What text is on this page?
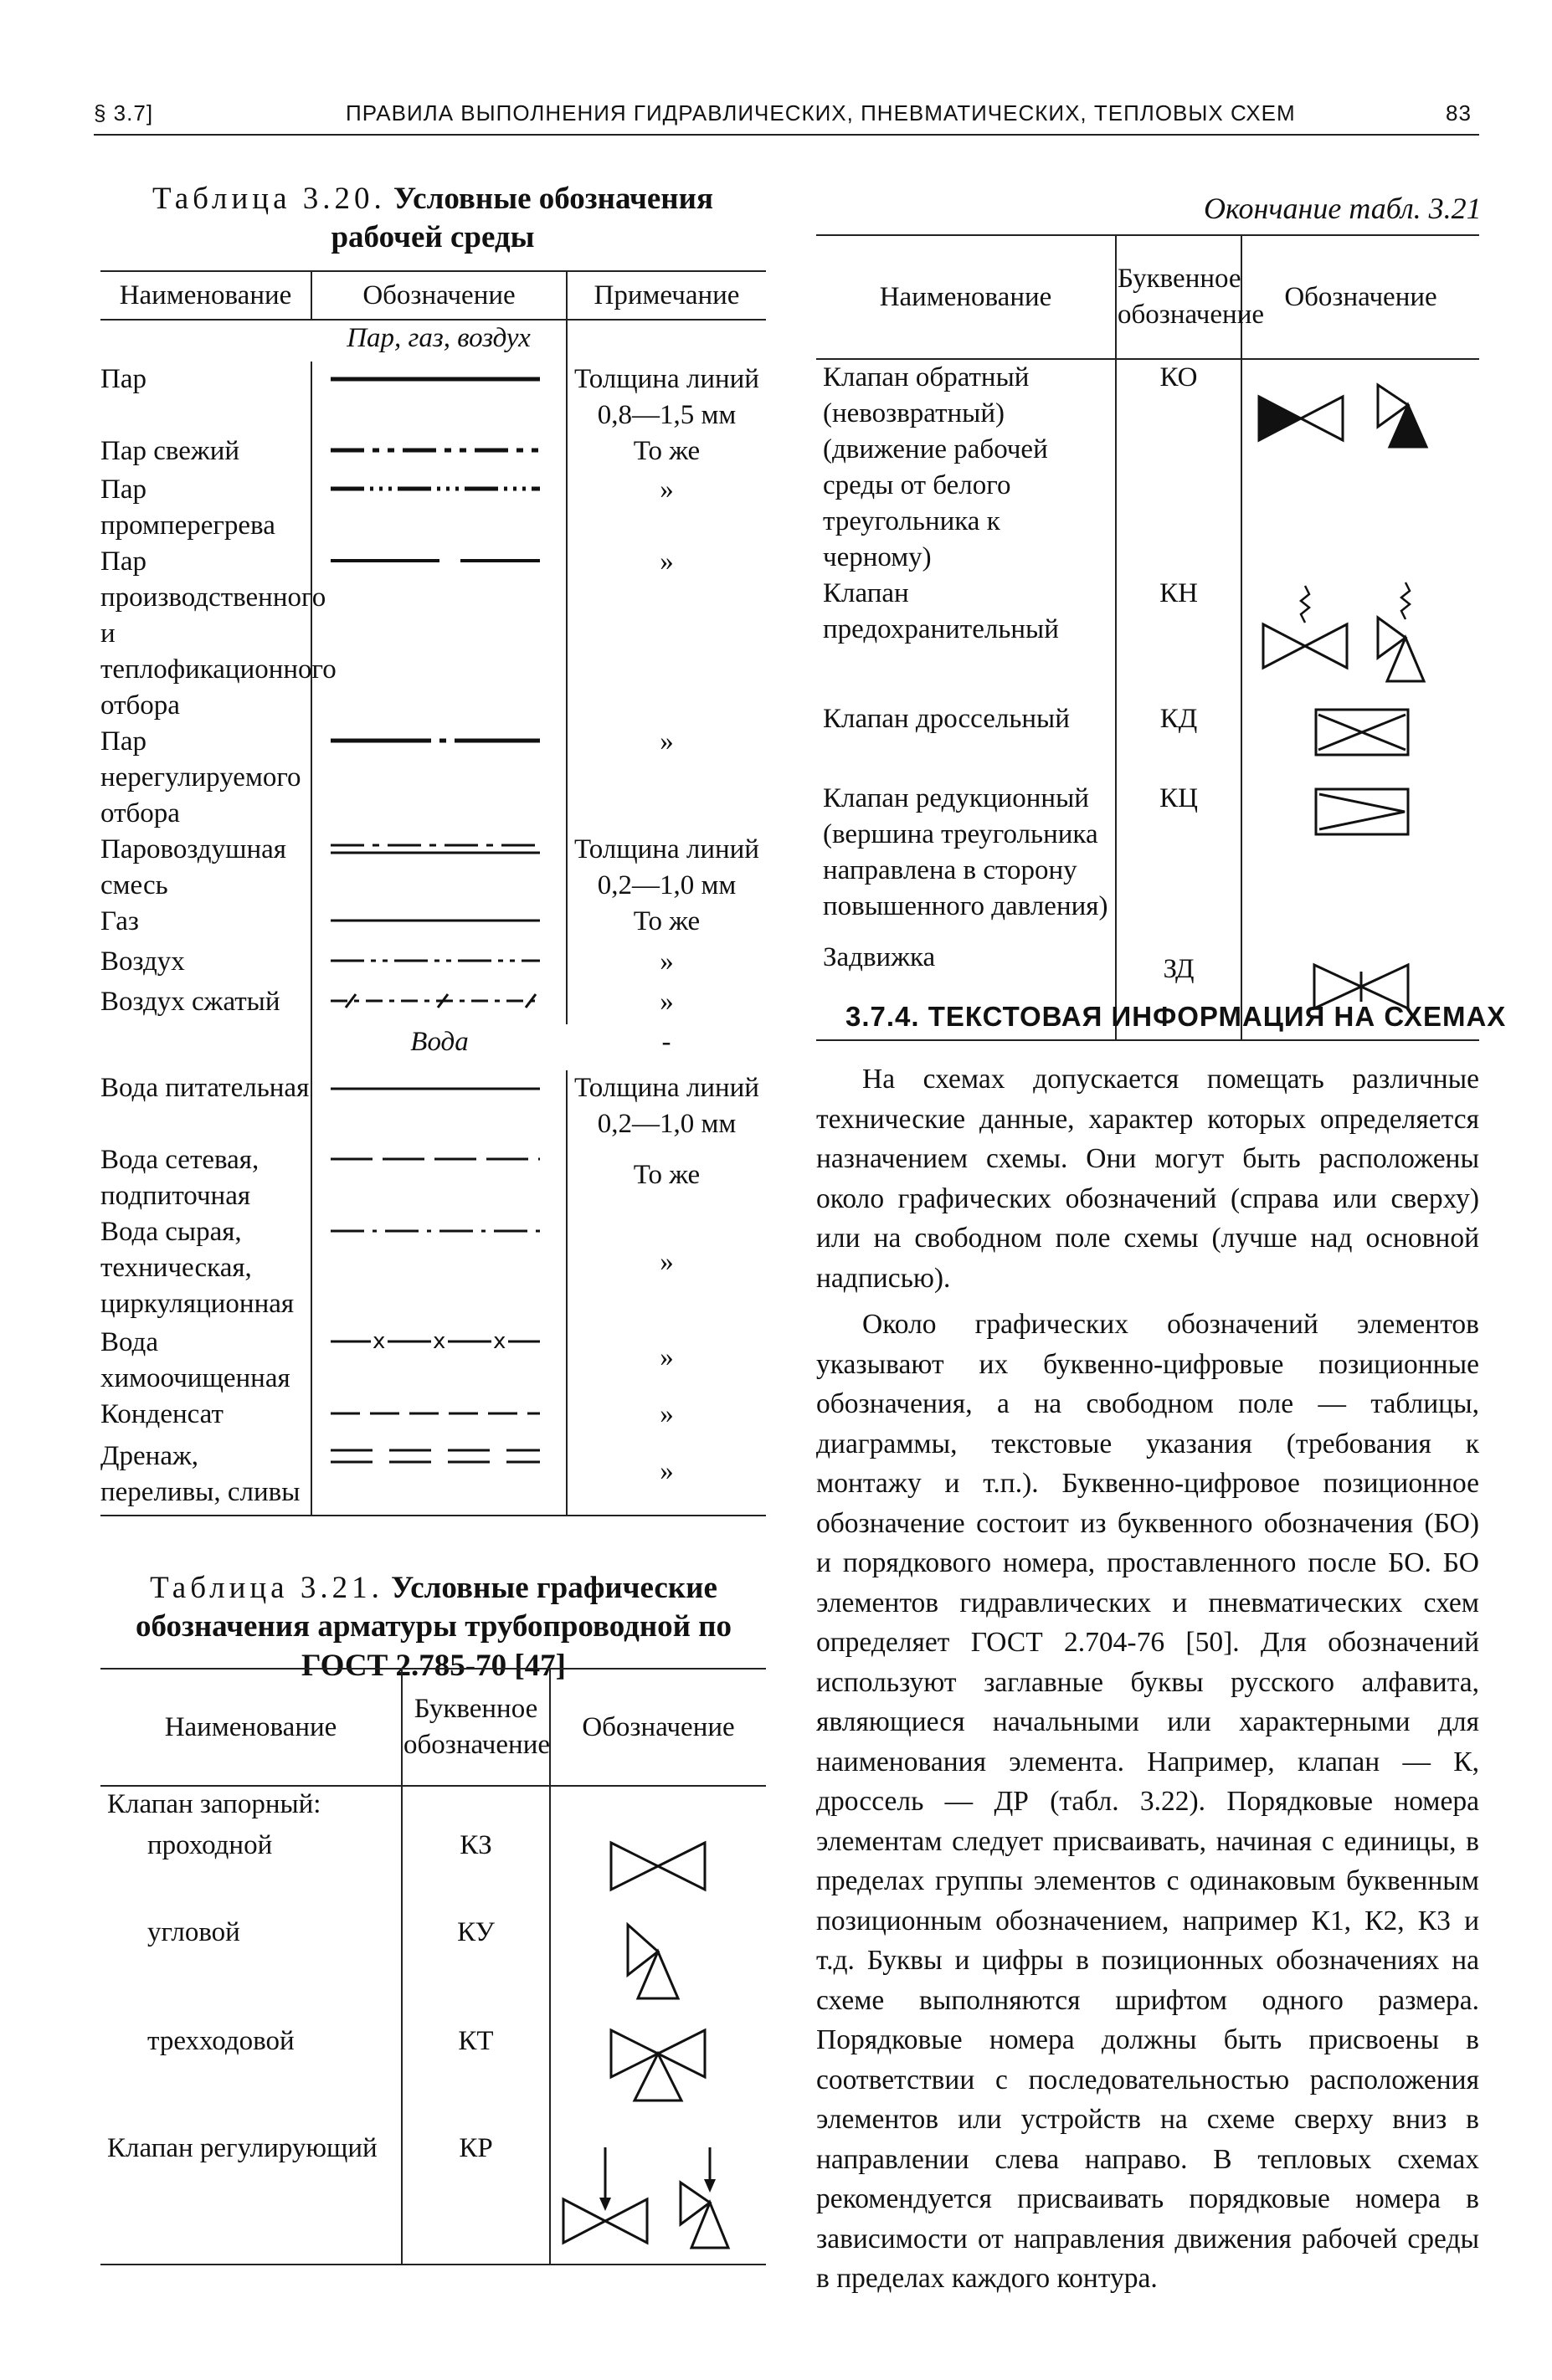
§ 3.7]	ПРАВИЛА ВЫПОЛНЕНИЯ ГИДРАВЛИЧЕСКИХ, ПНЕВМАТИЧЕСКИХ, ТЕПЛОВЫХ СХЕМ	83
Таблица 3.20. Условные обозначения рабочей среды
Наименование	Обозначение	Примечание
	Пар, газ, воздух	
Пар		Толщина линий 0,8—1,5 мм
Пар свежий		То же
Пар промперегрева		»
Пар производственного и теплофикационного отбора		»
Пар нерегулируемого отбора		»
Паровоздушная смесь		Толщина линий 0,2—1,0 мм
Газ		То же
Воздух		»
Воздух сжатый		»
	Вода	-
Вода питательная		Толщина линий 0,2—1,0 мм
Вода сетевая, подпиточная		То же
Вода сырая, техническая, циркуляционная		»
Вода химоочищенная	x x x	»
Конденсат		»
Дренаж, переливы, сливы		»
Таблица 3.21. Условные графические обозначения арматуры трубопроводной по ГОСТ 2.785-70 [47]
Наименование	Буквенное обозначение	Обозначение
Клапан запорный:		
проходной	КЗ	

угловой	КУ	

трехходовой	КТ	

Клапан регулирующий	КР	
Окончание табл. 3.21
Наименование	Буквенное обозначение	Обозначение
Клапан обратный (невозвратный) (движение рабочей среды от белого треугольника к черному)	КО	

Клапан предохранительный	КН	

Клапан дроссельный	КД	

Клапан редукционный (вершина треугольника направлена в сторону повышенного давления)	КЦ	

Задвижка	ЗД	
3.7.4. ТЕКСТОВАЯ ИНФОРМАЦИЯ НА СХЕМАХ

На схемах допускается помещать различные технические данные, характер которых определяется назначением схемы. Они могут быть расположены около графических обозначений (справа или сверху) или на свободном поле схемы (лучше над основной надписью).

Около графических обозначений элементов указывают их буквенно-цифровые позиционные обозначения, а на свободном поле — таблицы, диаграммы, текстовые указания (требования к монтажу и т.п.). Буквенно-цифровое позиционное обозначение состоит из буквенного обозначения (БО) и порядкового номера, проставленного после БО. БО элементов гидравлических и пневматических схем определяет ГОСТ 2.704-76 [50]. Для обозначений используют заглавные буквы русского алфавита, являющиеся начальными или характерными для наименования элемента. Например, клапан — К, дроссель — ДР (табл. 3.22). Порядковые номера элементам следует присваивать, начиная с единицы, в пределах группы элементов с одинаковым буквенным позиционным обозначением, например К1, К2, К3 и т.д. Буквы и цифры в позиционных обозначениях на схеме выполняются шрифтом одного размера. Порядковые номера должны быть присвоены в соответствии с последовательностью расположения элементов или устройств на схеме сверху вниз в направлении слева направо. В тепловых схемах рекомендуется присваивать порядковые номера в зависимости от направления движения рабочей среды в пределах каждого контура.
